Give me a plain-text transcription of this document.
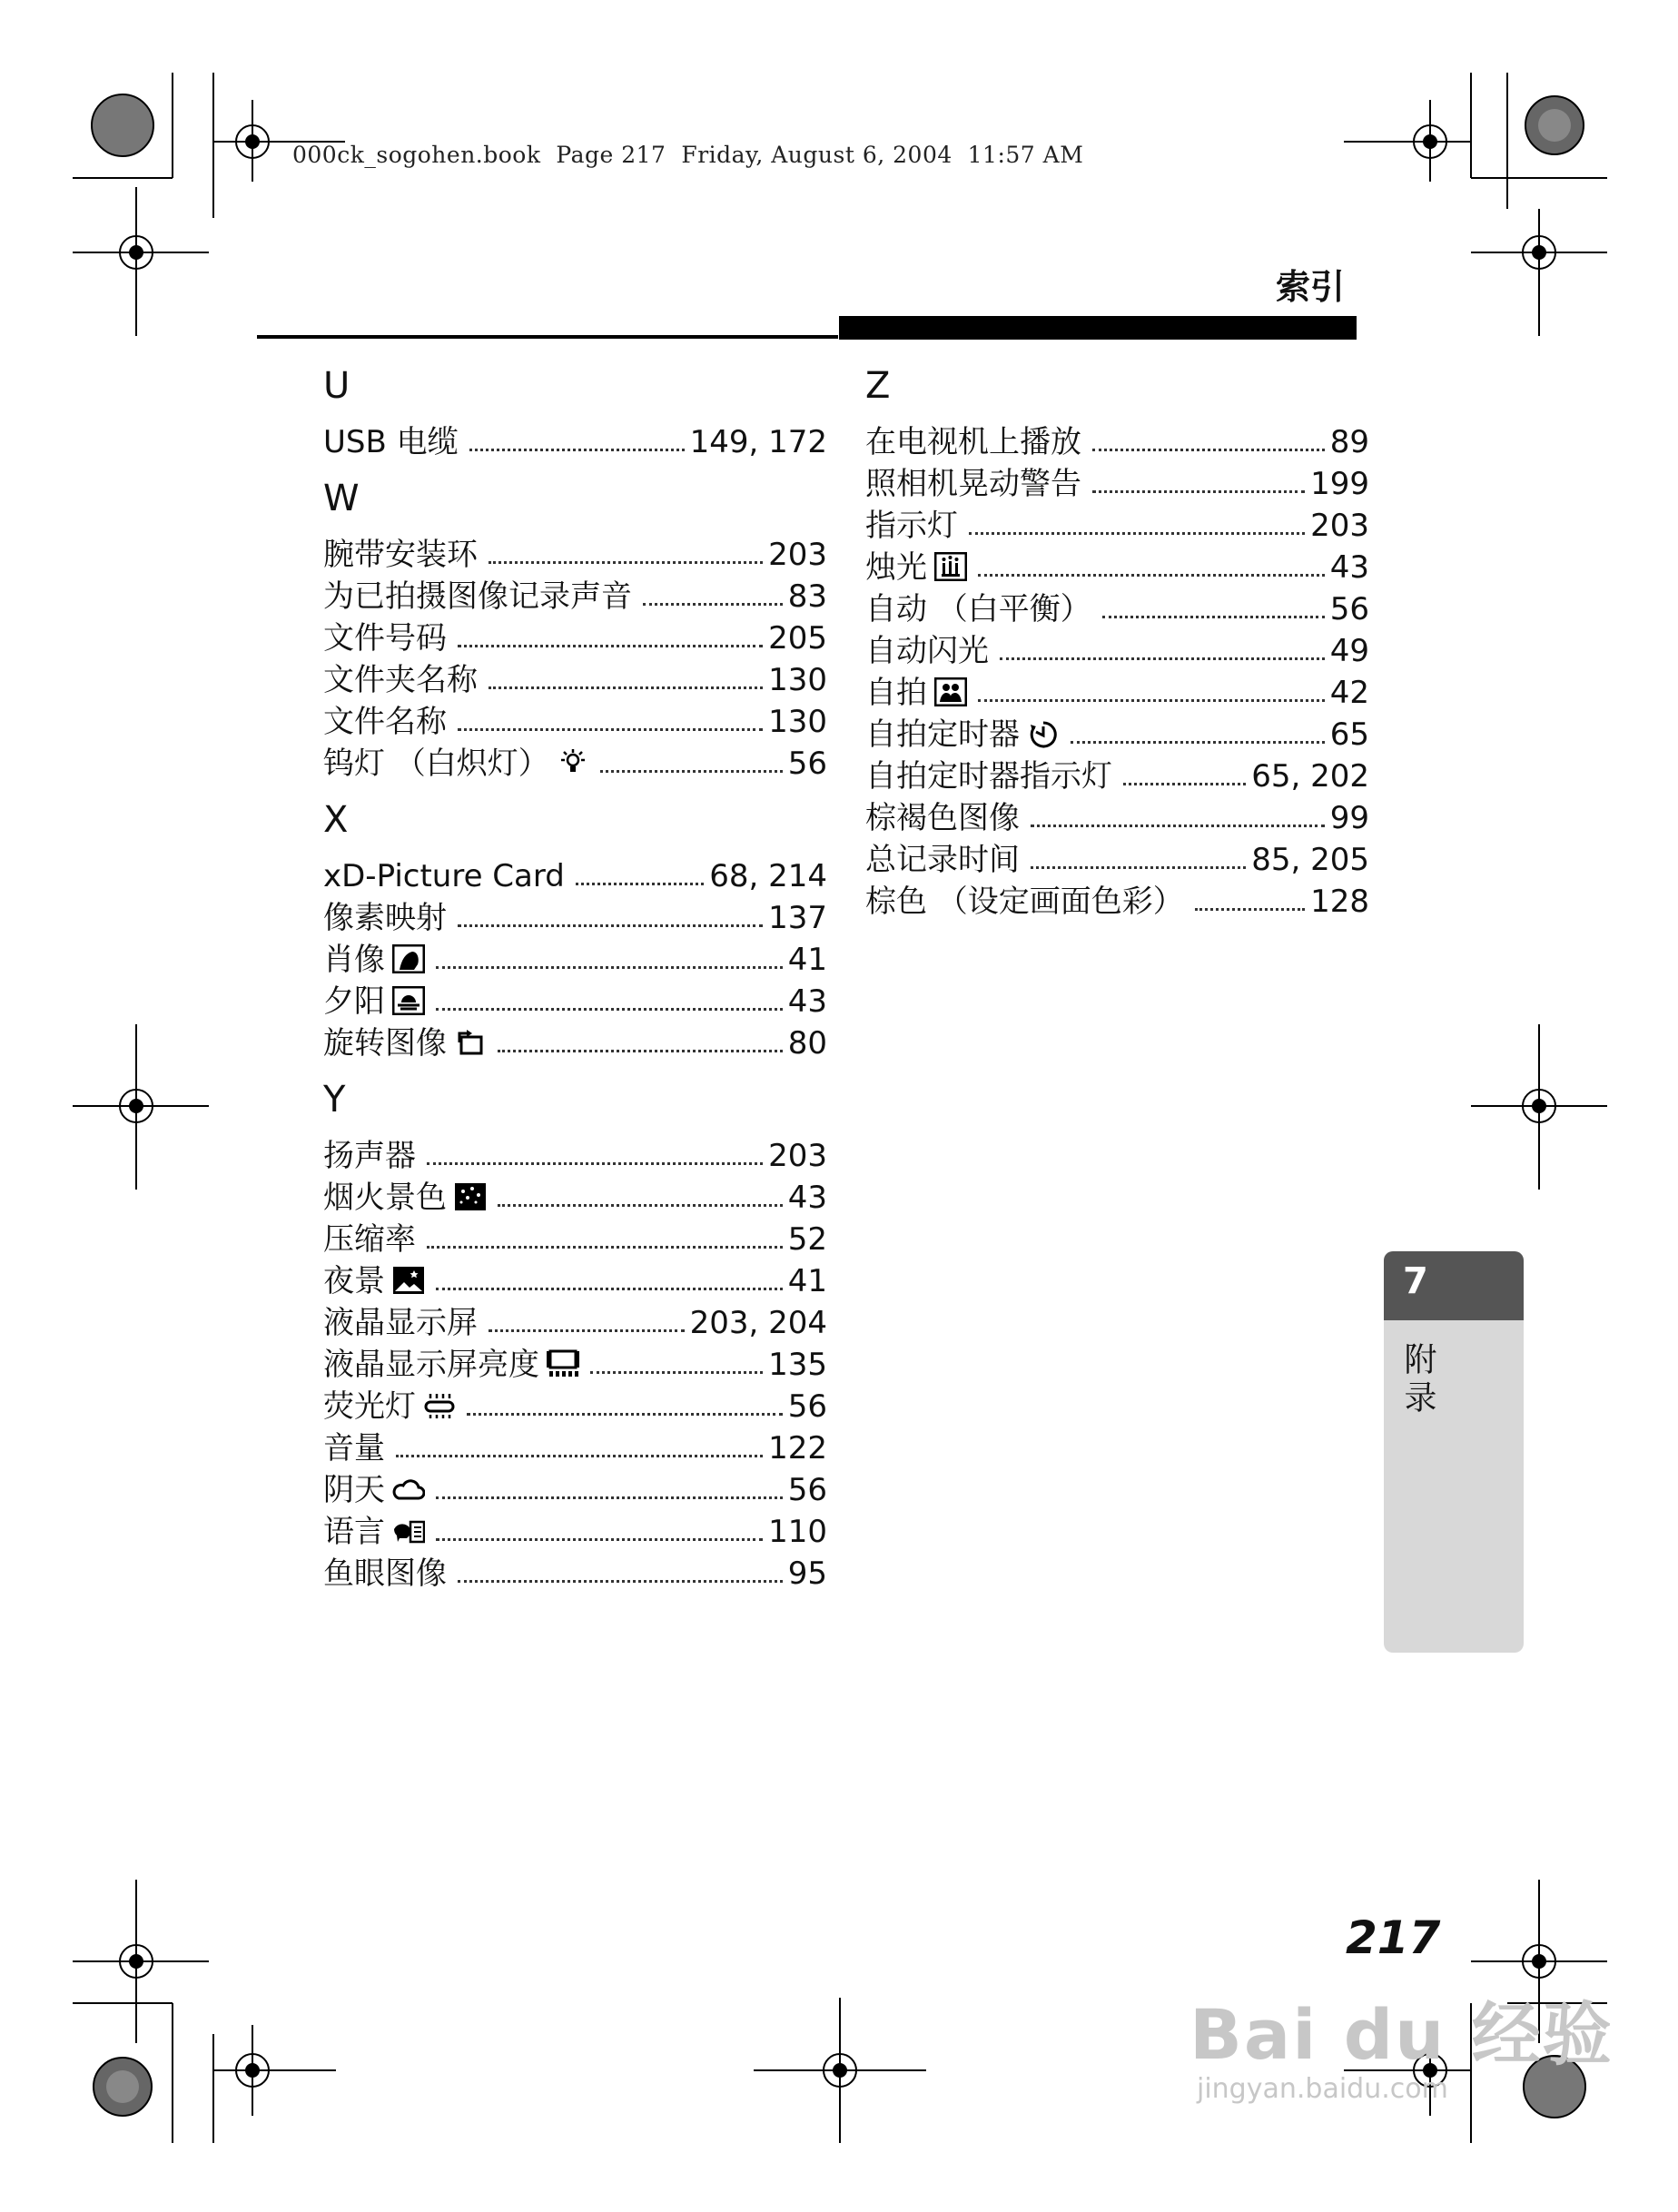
000ck_sogohen.book  Page 217  Friday, August 6, 2004  11:57 AM
索引
U
USB 电缆	149, 172
W
腕带安装环	203
为已拍摄图像记录声音	83
文件号码	205
文件夹名称	130
文件名称	130
钨灯 （白炽灯）	56
X
xD-Picture Card	68, 214
像素映射	137
肖像	41
夕阳	43
旋转图像	80
Y
扬声器	203
烟火景色	43
压缩率	52
夜景	41
液晶显示屏	203, 204
液晶显示屏亮度	135
荧光灯	56
音量	122
阴天	56
语言	110
鱼眼图像	95
Z
在电视机上播放	89
照相机晃动警告	199
指示灯	203
烛光	43
自动 （白平衡）	56
自动闪光	49
自拍	42
自拍定时器	65
自拍定时器指示灯	65, 202
棕褐色图像	99
总记录时间	85, 205
棕色 （设定画面色彩）	128
7
附录
217
Bai du 经验
jingyan.baidu.com
